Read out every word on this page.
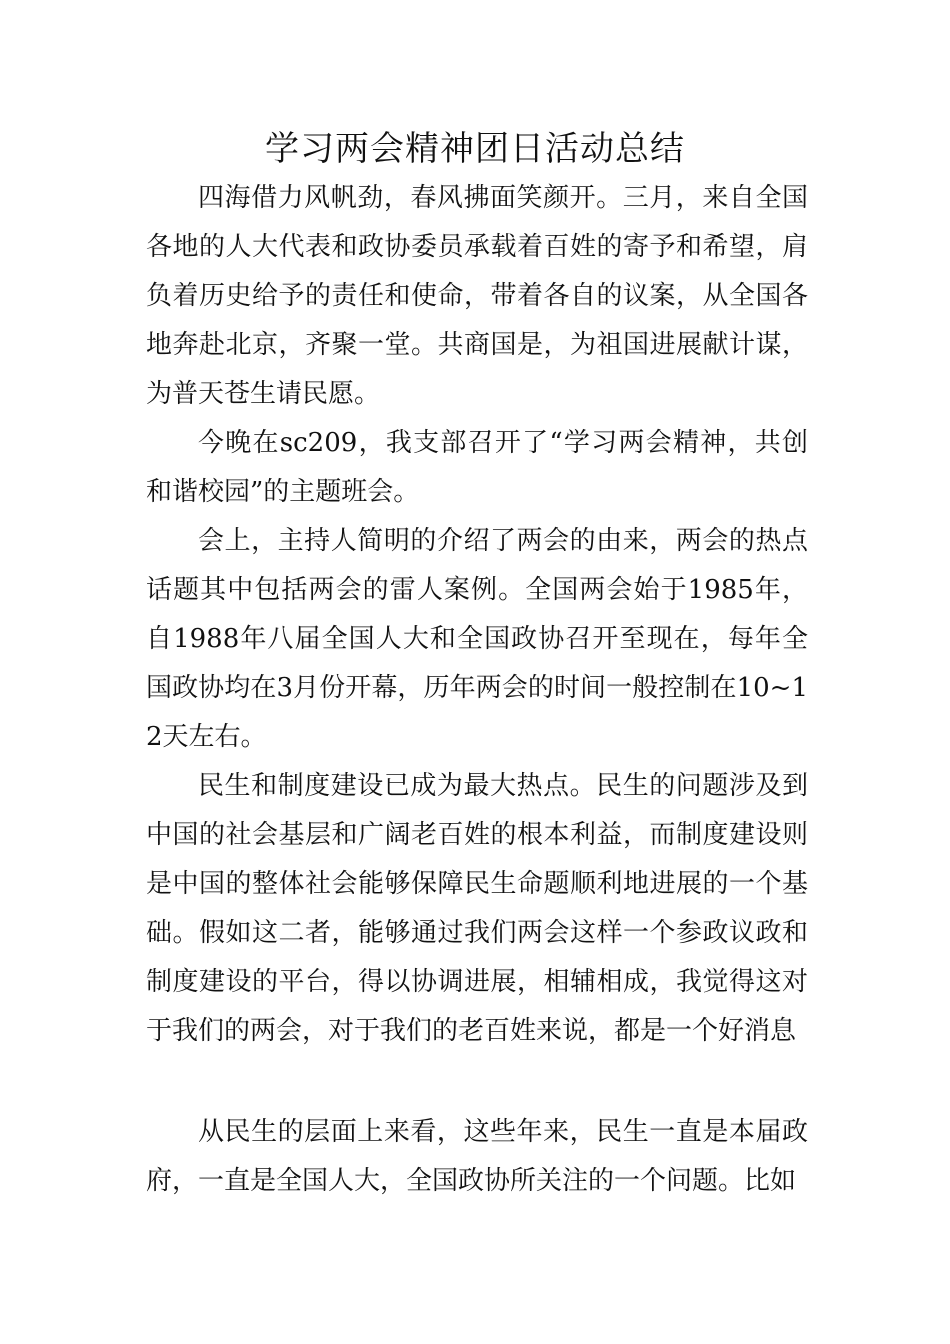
学习两会精神团日活动总结

四海借力风帆劲，春风拂面笑颜开。三月，来自全国各地的人大代表和政协委员承载着百姓的寄予和希望，肩负着历史给予的责任和使命，带着各自的议案，从全国各地奔赴北京，齐聚一堂。共商国是，为祖国进展献计谋，为普天苍生请民愿。

今晚在sc209，我支部召开了“学习两会精神，共创和谐校园”的主题班会。

会上，主持人简明的介绍了两会的由来，两会的热点话题其中包括两会的雷人案例。全国两会始于1985年，自1988年八届全国人大和全国政协召开至现在，每年全国政协均在3月份开幕，历年两会的时间一般控制在10~12天左右。

民生和制度建设已成为最大热点。民生的问题涉及到中国的社会基层和广阔老百姓的根本利益，而制度建设则是中国的整体社会能够保障民生命题顺利地进展的一个基础。假如这二者，能够通过我们两会这样一个参政议政和制度建设的平台，得以协调进展，相辅相成，我觉得这对于我们的两会，对于我们的老百姓来说，都是一个好消息

从民生的层面上来看，这些年来，民生一直是本届政府，一直是全国人大，全国政协所关注的一个问题。比如
